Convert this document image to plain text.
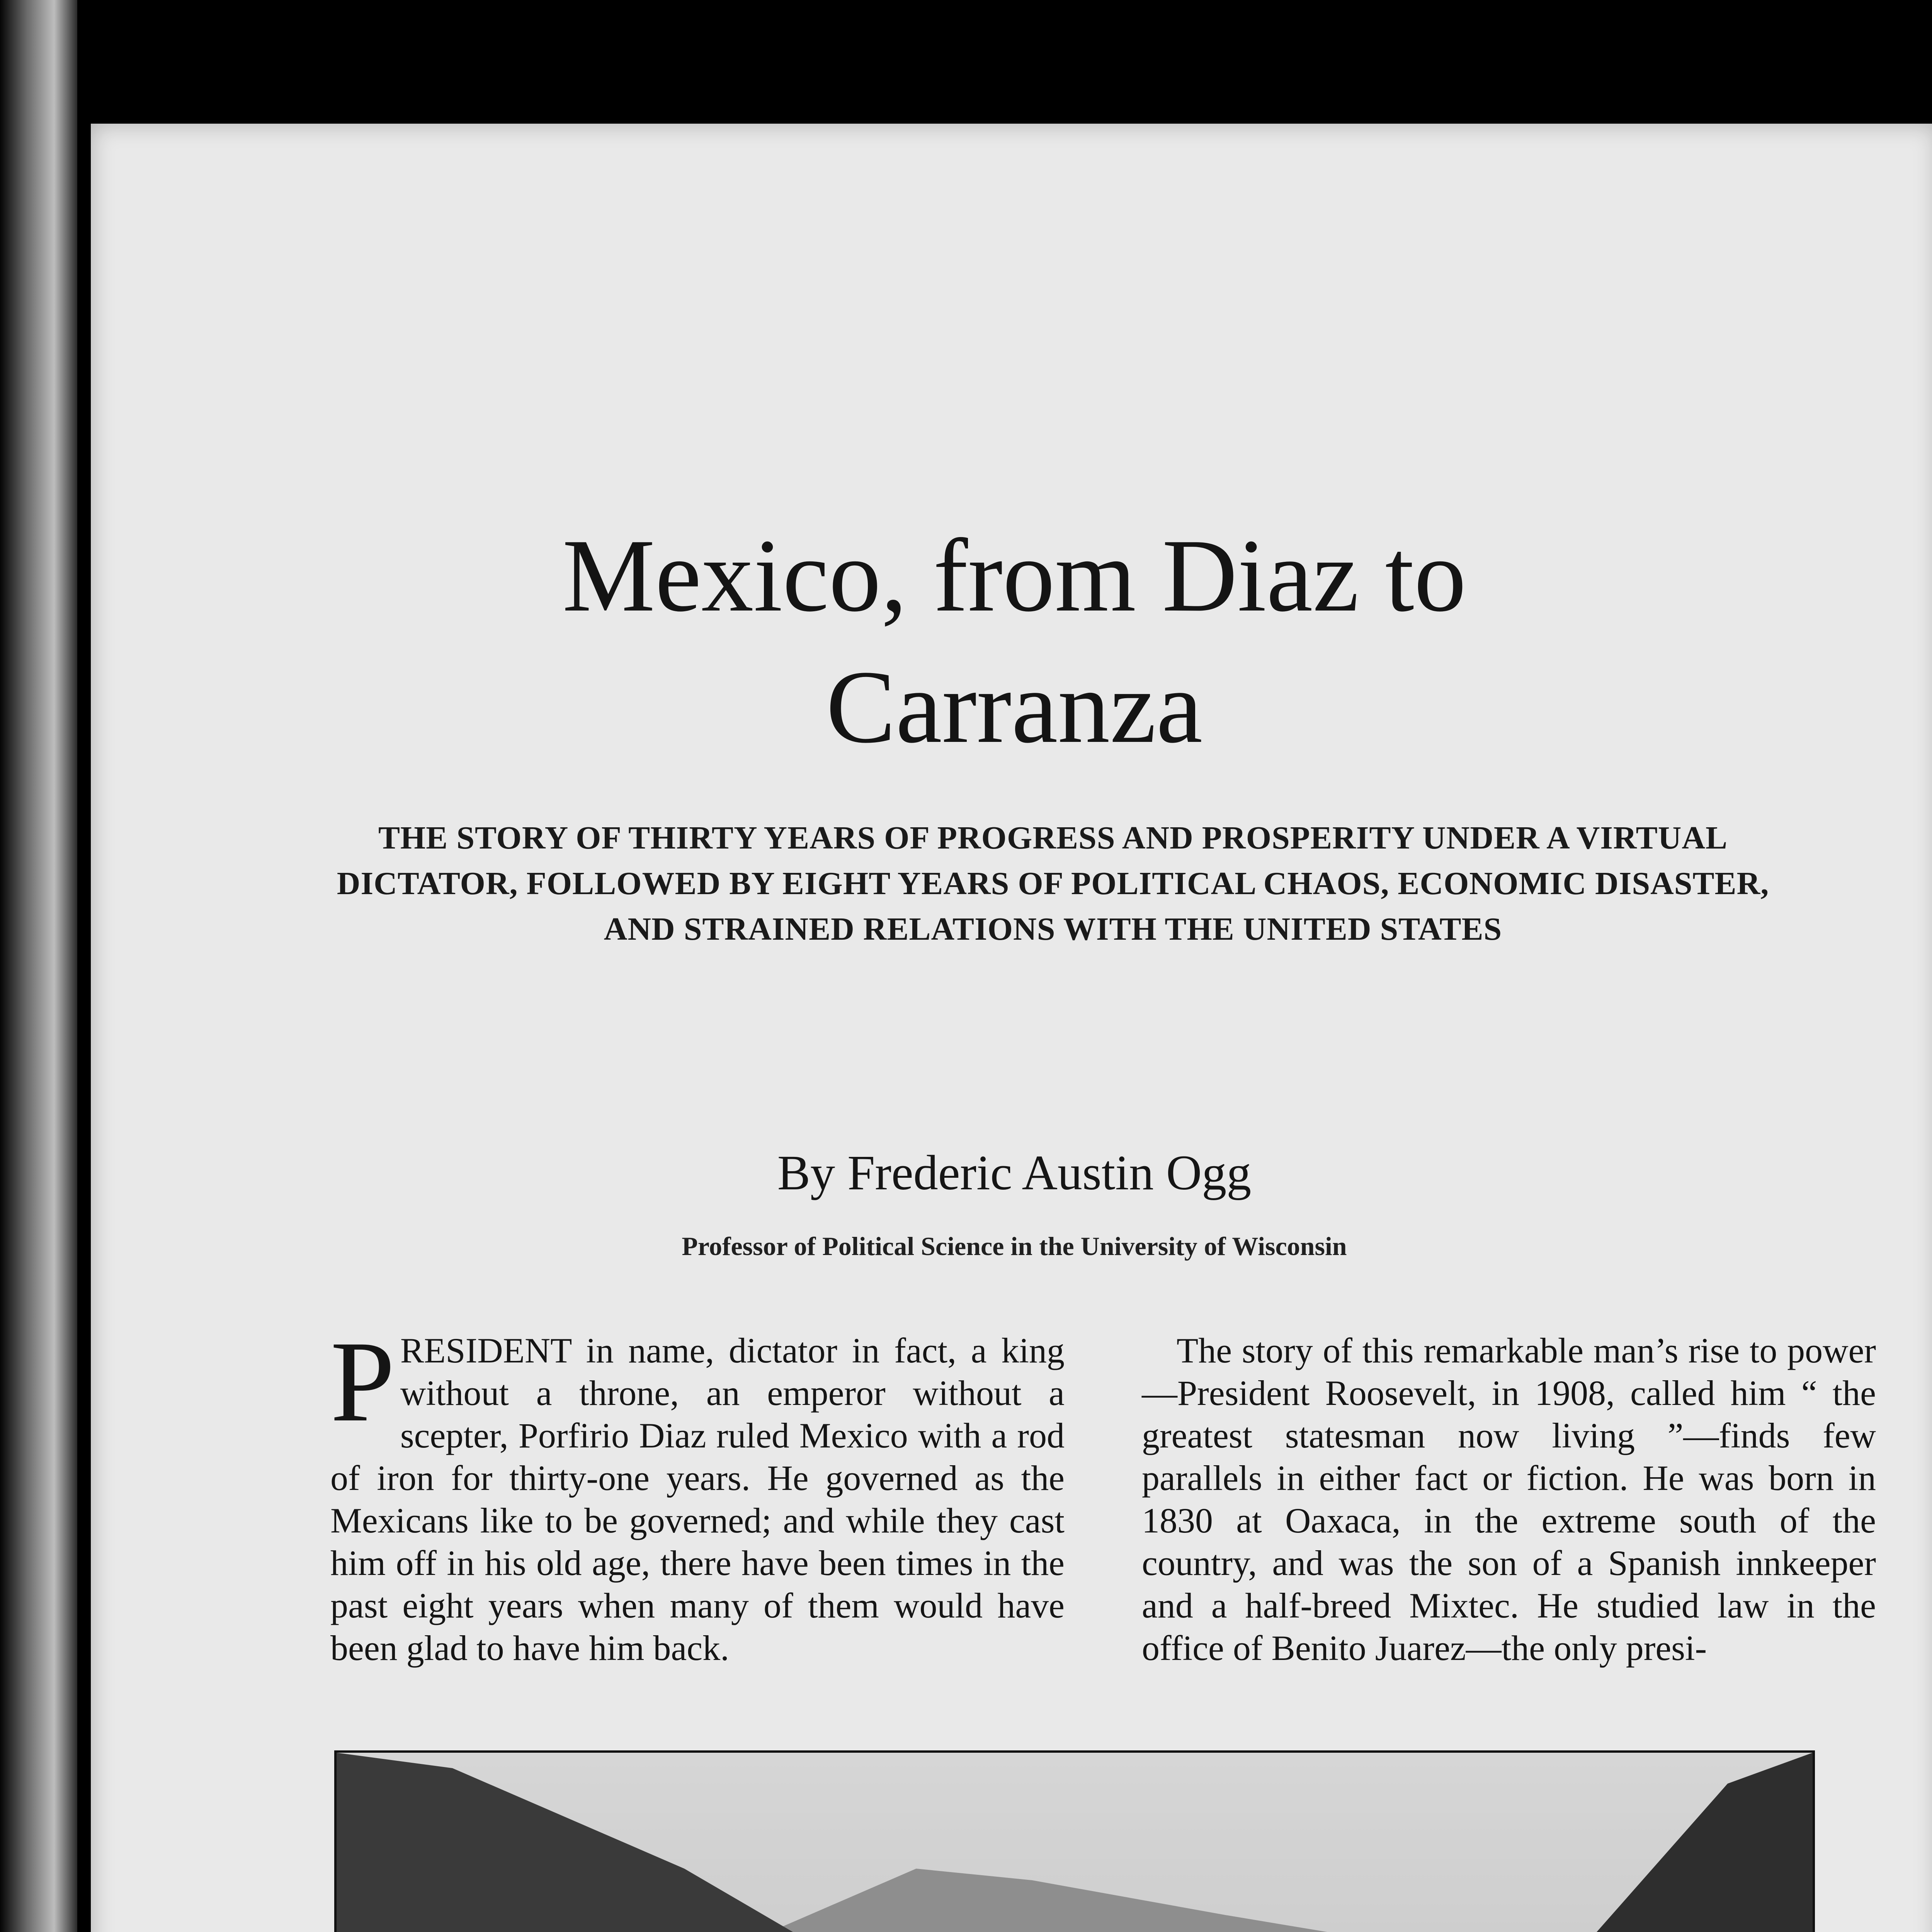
Mexico, from Diaz to
Carranza
THE STORY OF THIRTY YEARS OF PROGRESS AND PROSPERITY UNDER A VIRTUAL DICTATOR, FOLLOWED BY EIGHT YEARS OF POLITICAL CHAOS, ECONOMIC DISASTER, AND STRAINED RELATIONS WITH THE UNITED STATES
By Frederic Austin Ogg
Professor of Political Science in the University of Wisconsin
PRESIDENT in name, dictator in fact, a king without a throne, an emperor without a scepter, Porfirio Diaz ruled Mexico with a rod of iron for thirty-one years. He governed as the Mexicans like to be governed; and while they cast him off in his old age, there have been times in the past eight years when many of them would have been glad to have him back.
The story of this remarkable man’s rise to power—President Roosevelt, in 1908, called him “ the greatest statesman now living ”—finds few parallels in either fact or fiction. He was born in 1830 at Oaxaca, in the extreme south of the country, and was the son of a Spanish innkeeper and a half-breed Mixtec. He studied law in the office of Benito Juarez—the only presi-
